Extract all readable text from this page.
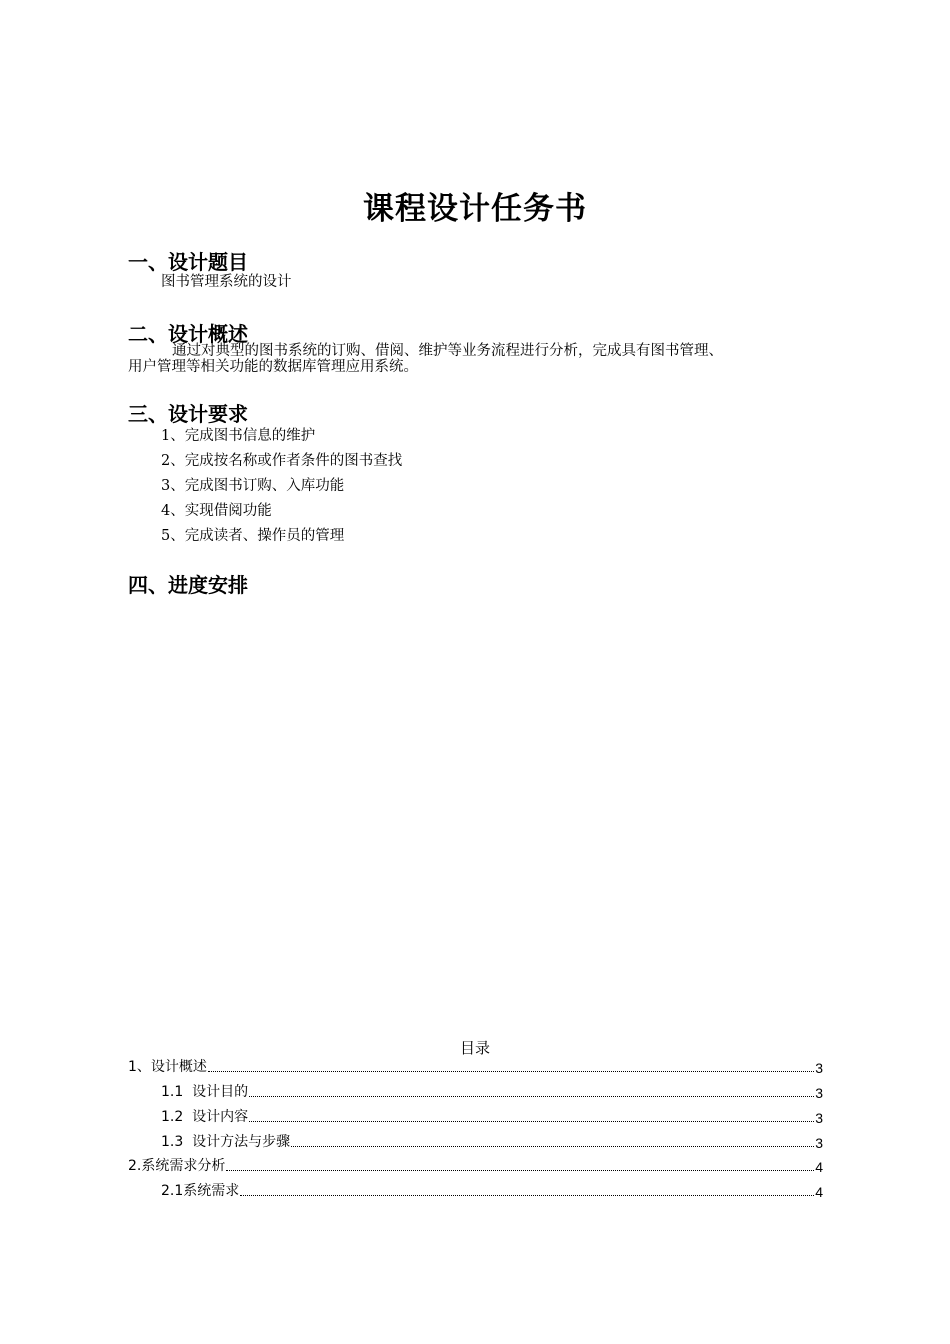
课程设计任务书
一、设计题目
图书管理系统的设计
二、设计概述
通过对典型的图书系统的订购、借阅、维护等业务流程进行分析，完成具有图书管理、
用户管理等相关功能的数据库管理应用系统。
三、设计要求
1、完成图书信息的维护
2、完成按名称或作者条件的图书查找
3、完成图书订购、入库功能
4、实现借阅功能
5、完成读者、操作员的管理
四、进度安排
目录
1、设计概述	3
1.1  设计目的	3
1.2  设计内容	3
1.3  设计方法与步骤	3
2.系统需求分析	4
2.1系统需求	4
